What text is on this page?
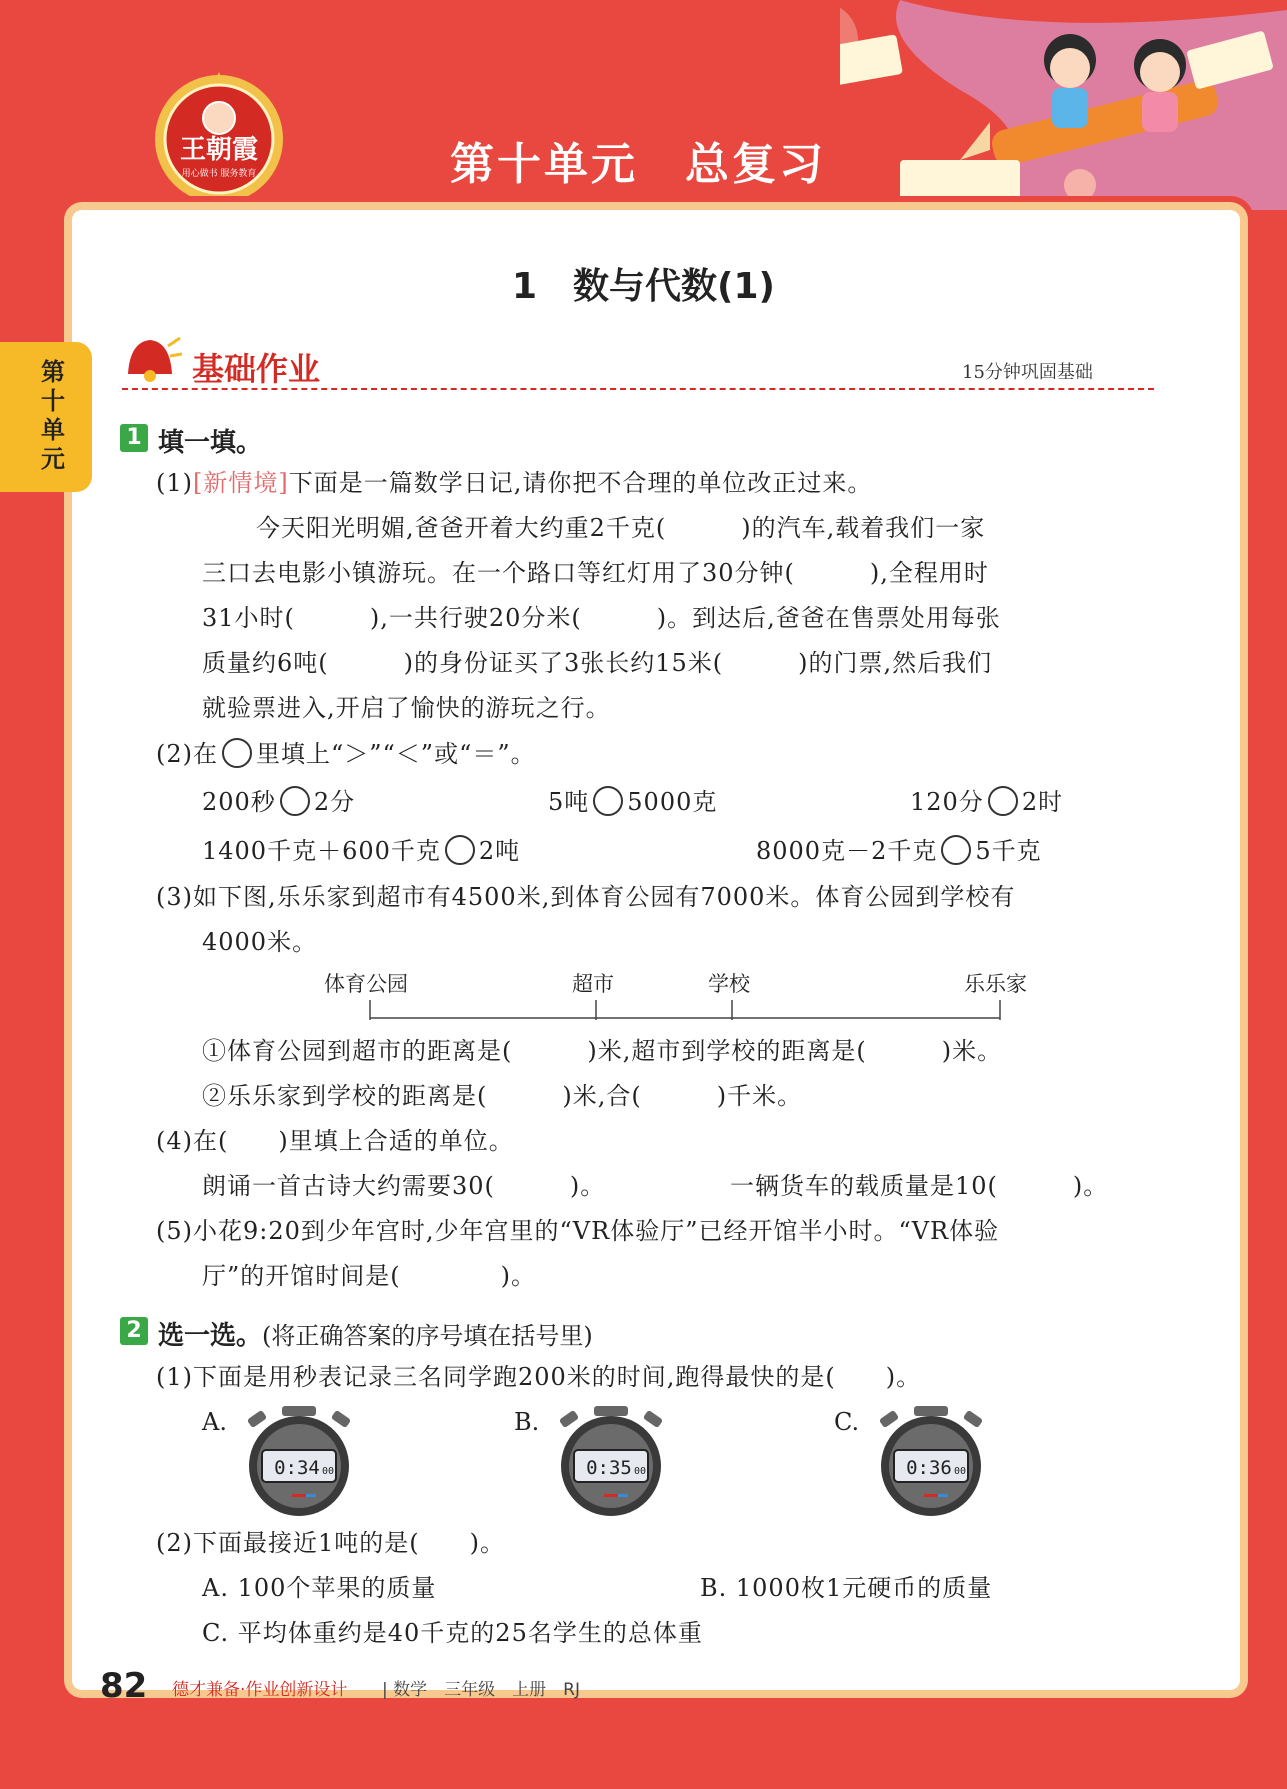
王朝霞
用心做书 服务教育	第十单元　总复习
第十单元
1　数与代数(1)
基础作业	15分钟巩固基础
1 填一填。
(1)[新情境]下面是一篇数学日记,请你把不合理的单位改正过来。
今天阳光明媚,爸爸开着大约重2千克(　　　)的汽车,载着我们一家
三口去电影小镇游玩。在一个路口等红灯用了30分钟(　　　),全程用时
31小时(　　　),一共行驶20分米(　　　)。到达后,爸爸在售票处用每张
质量约6吨(　　　)的身份证买了3张长约15米(　　　)的门票,然后我们
就验票进入,开启了愉快的游玩之行。
(2)在 里填上“＞”“＜”或“＝”。
200秒 2分	5吨 5000克	120分 2时
1400千克＋600千克 2吨	8000克－2千克 5千克
(3)如下图,乐乐家到超市有4500米,到体育公园有7000米。体育公园到学校有
4000米。
体育公园	超市	学校	乐乐家
①体育公园到超市的距离是(　　　)米,超市到学校的距离是(　　　)米。
②乐乐家到学校的距离是(　　　)米,合(　　　)千米。
(4)在(　　)里填上合适的单位。
朗诵一首古诗大约需要30(　　　)。	一辆货车的载质量是10(　　　)。
(5)小花9:20到少年宫时,少年宫里的“VR体验厅”已经开馆半小时。“VR体验
厅”的开馆时间是(　　　　)。
2 选一选。(将正确答案的序号填在括号里)
(1)下面是用秒表记录三名同学跑200米的时间,跑得最快的是(　　)。
A.	B.	C.
0:34 00	0:35 00	0:36 00
(2)下面最接近1吨的是(　　)。
A. 100个苹果的质量	B. 1000枚1元硬币的质量
C. 平均体重约是40千克的25名学生的总体重
82 德才兼备·作业创新设计 | 数学　三年级　上册　RJ
